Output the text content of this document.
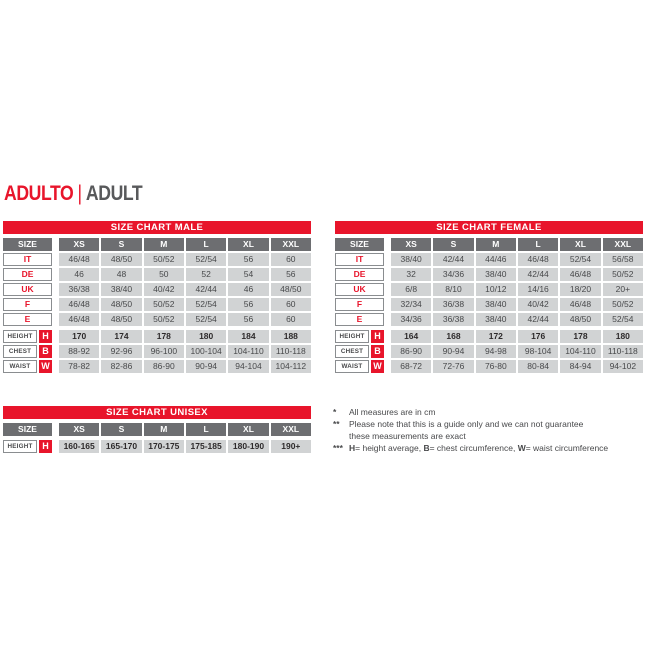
ADULTO | ADULT
SIZE CHART MALE
SIZE	XS	S	M	L	XL	XXL
IT	46/48	48/50	50/52	52/54	56	60
DE	46	48	50	52	54	56
UK	36/38	38/40	40/42	42/44	46	48/50
F	46/48	48/50	50/52	52/54	56	60
E	46/48	48/50	50/52	52/54	56	60
HEIGHT	H	170	174	178	180	184	188
CHEST	B	88-92	92-96	96-100	100-104	104-110	110-118
WAIST	W	78-82	82-86	86-90	90-94	94-104	104-112
SIZE CHART FEMALE
SIZE	XS	S	M	L	XL	XXL
IT	38/40	42/44	44/46	46/48	52/54	56/58
DE	32	34/36	38/40	42/44	46/48	50/52
UK	6/8	8/10	10/12	14/16	18/20	20+
F	32/34	36/38	38/40	40/42	46/48	50/52
E	34/36	36/38	38/40	42/44	48/50	52/54
HEIGHT	H	164	168	172	176	178	180
CHEST	B	86-90	90-94	94-98	98-104	104-110	110-118
WAIST	W	68-72	72-76	76-80	80-84	84-94	94-102
SIZE CHART UNISEX
SIZE	XS	S	M	L	XL	XXL
HEIGHT	H	160-165	165-170	170-175	175-185	180-190	190+
*	All measures are in cm
**	Please note that this is a guide only and we can not guarantee
these measurements are exact
*** H= height average, B= chest circumference, W= waist circumference
